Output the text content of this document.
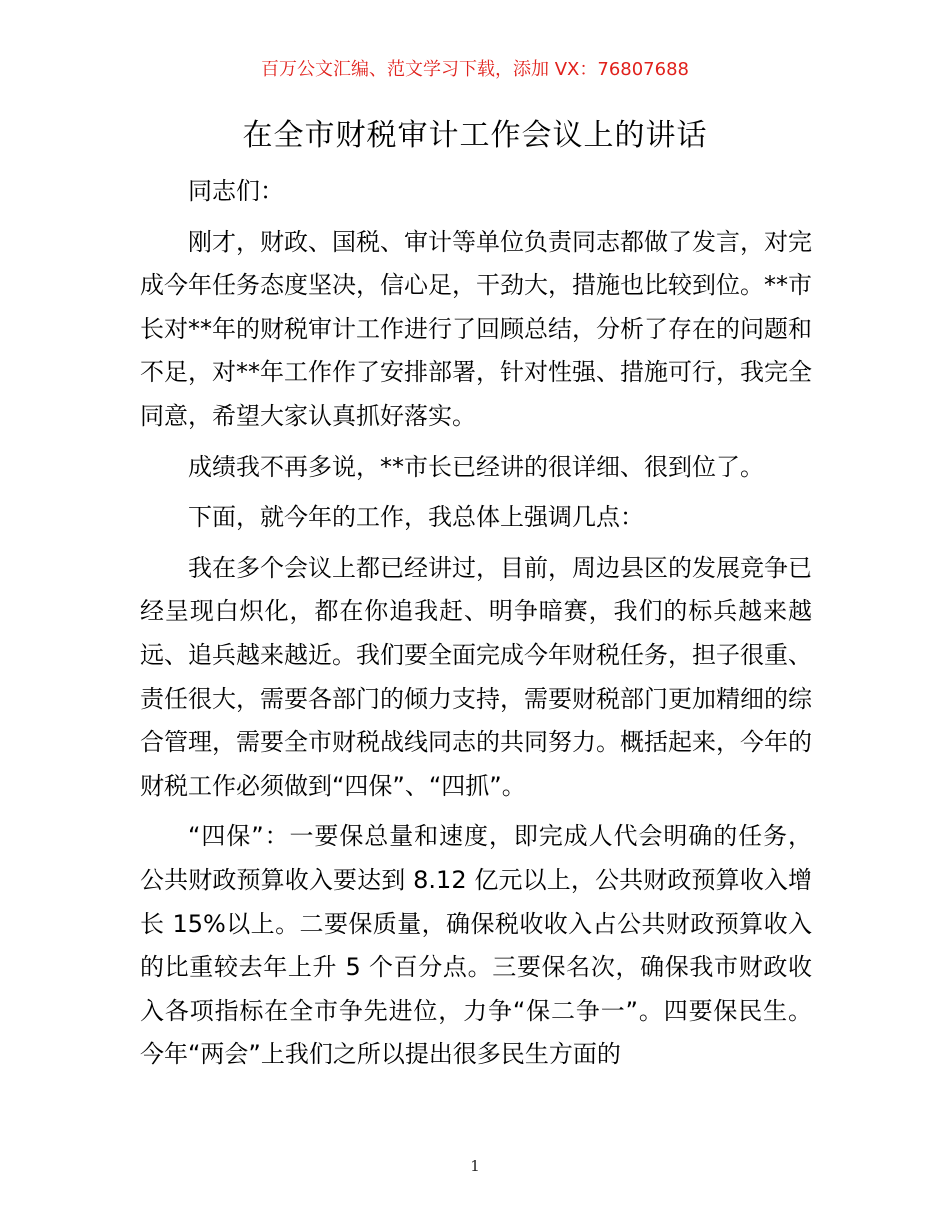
百万公文汇编、范文学习下载，添加 VX：76807688
在全市财税审计工作会议上的讲话

同志们：

刚才，财政、国税、审计等单位负责同志都做了发言，对完成今年任务态度坚决，信心足，干劲大，措施也比较到位。**市长对**年的财税审计工作进行了回顾总结，分析了存在的问题和不足，对**年工作作了安排部署，针对性强、措施可行，我完全同意，希望大家认真抓好落实。

成绩我不再多说，**市长已经讲的很详细、很到位了。

下面，就今年的工作，我总体上强调几点：

我在多个会议上都已经讲过，目前，周边县区的发展竞争已经呈现白炽化，都在你追我赶、明争暗赛，我们的标兵越来越远、追兵越来越近。我们要全面完成今年财税任务，担子很重、责任很大，需要各部门的倾力支持，需要财税部门更加精细的综合管理，需要全市财税战线同志的共同努力。概括起来，今年的财税工作必须做到“四保”、“四抓”。

“四保”：一要保总量和速度，即完成人代会明确的任务，公共财政预算收入要达到 8.12 亿元以上，公共财政预算收入增长 15%以上。二要保质量，确保税收收入占公共财政预算收入的比重较去年上升 5 个百分点。三要保名次，确保我市财政收入各项指标在全市争先进位，力争“保二争一”。四要保民生。今年“两会”上我们之所以提出很多民生方面的

1
